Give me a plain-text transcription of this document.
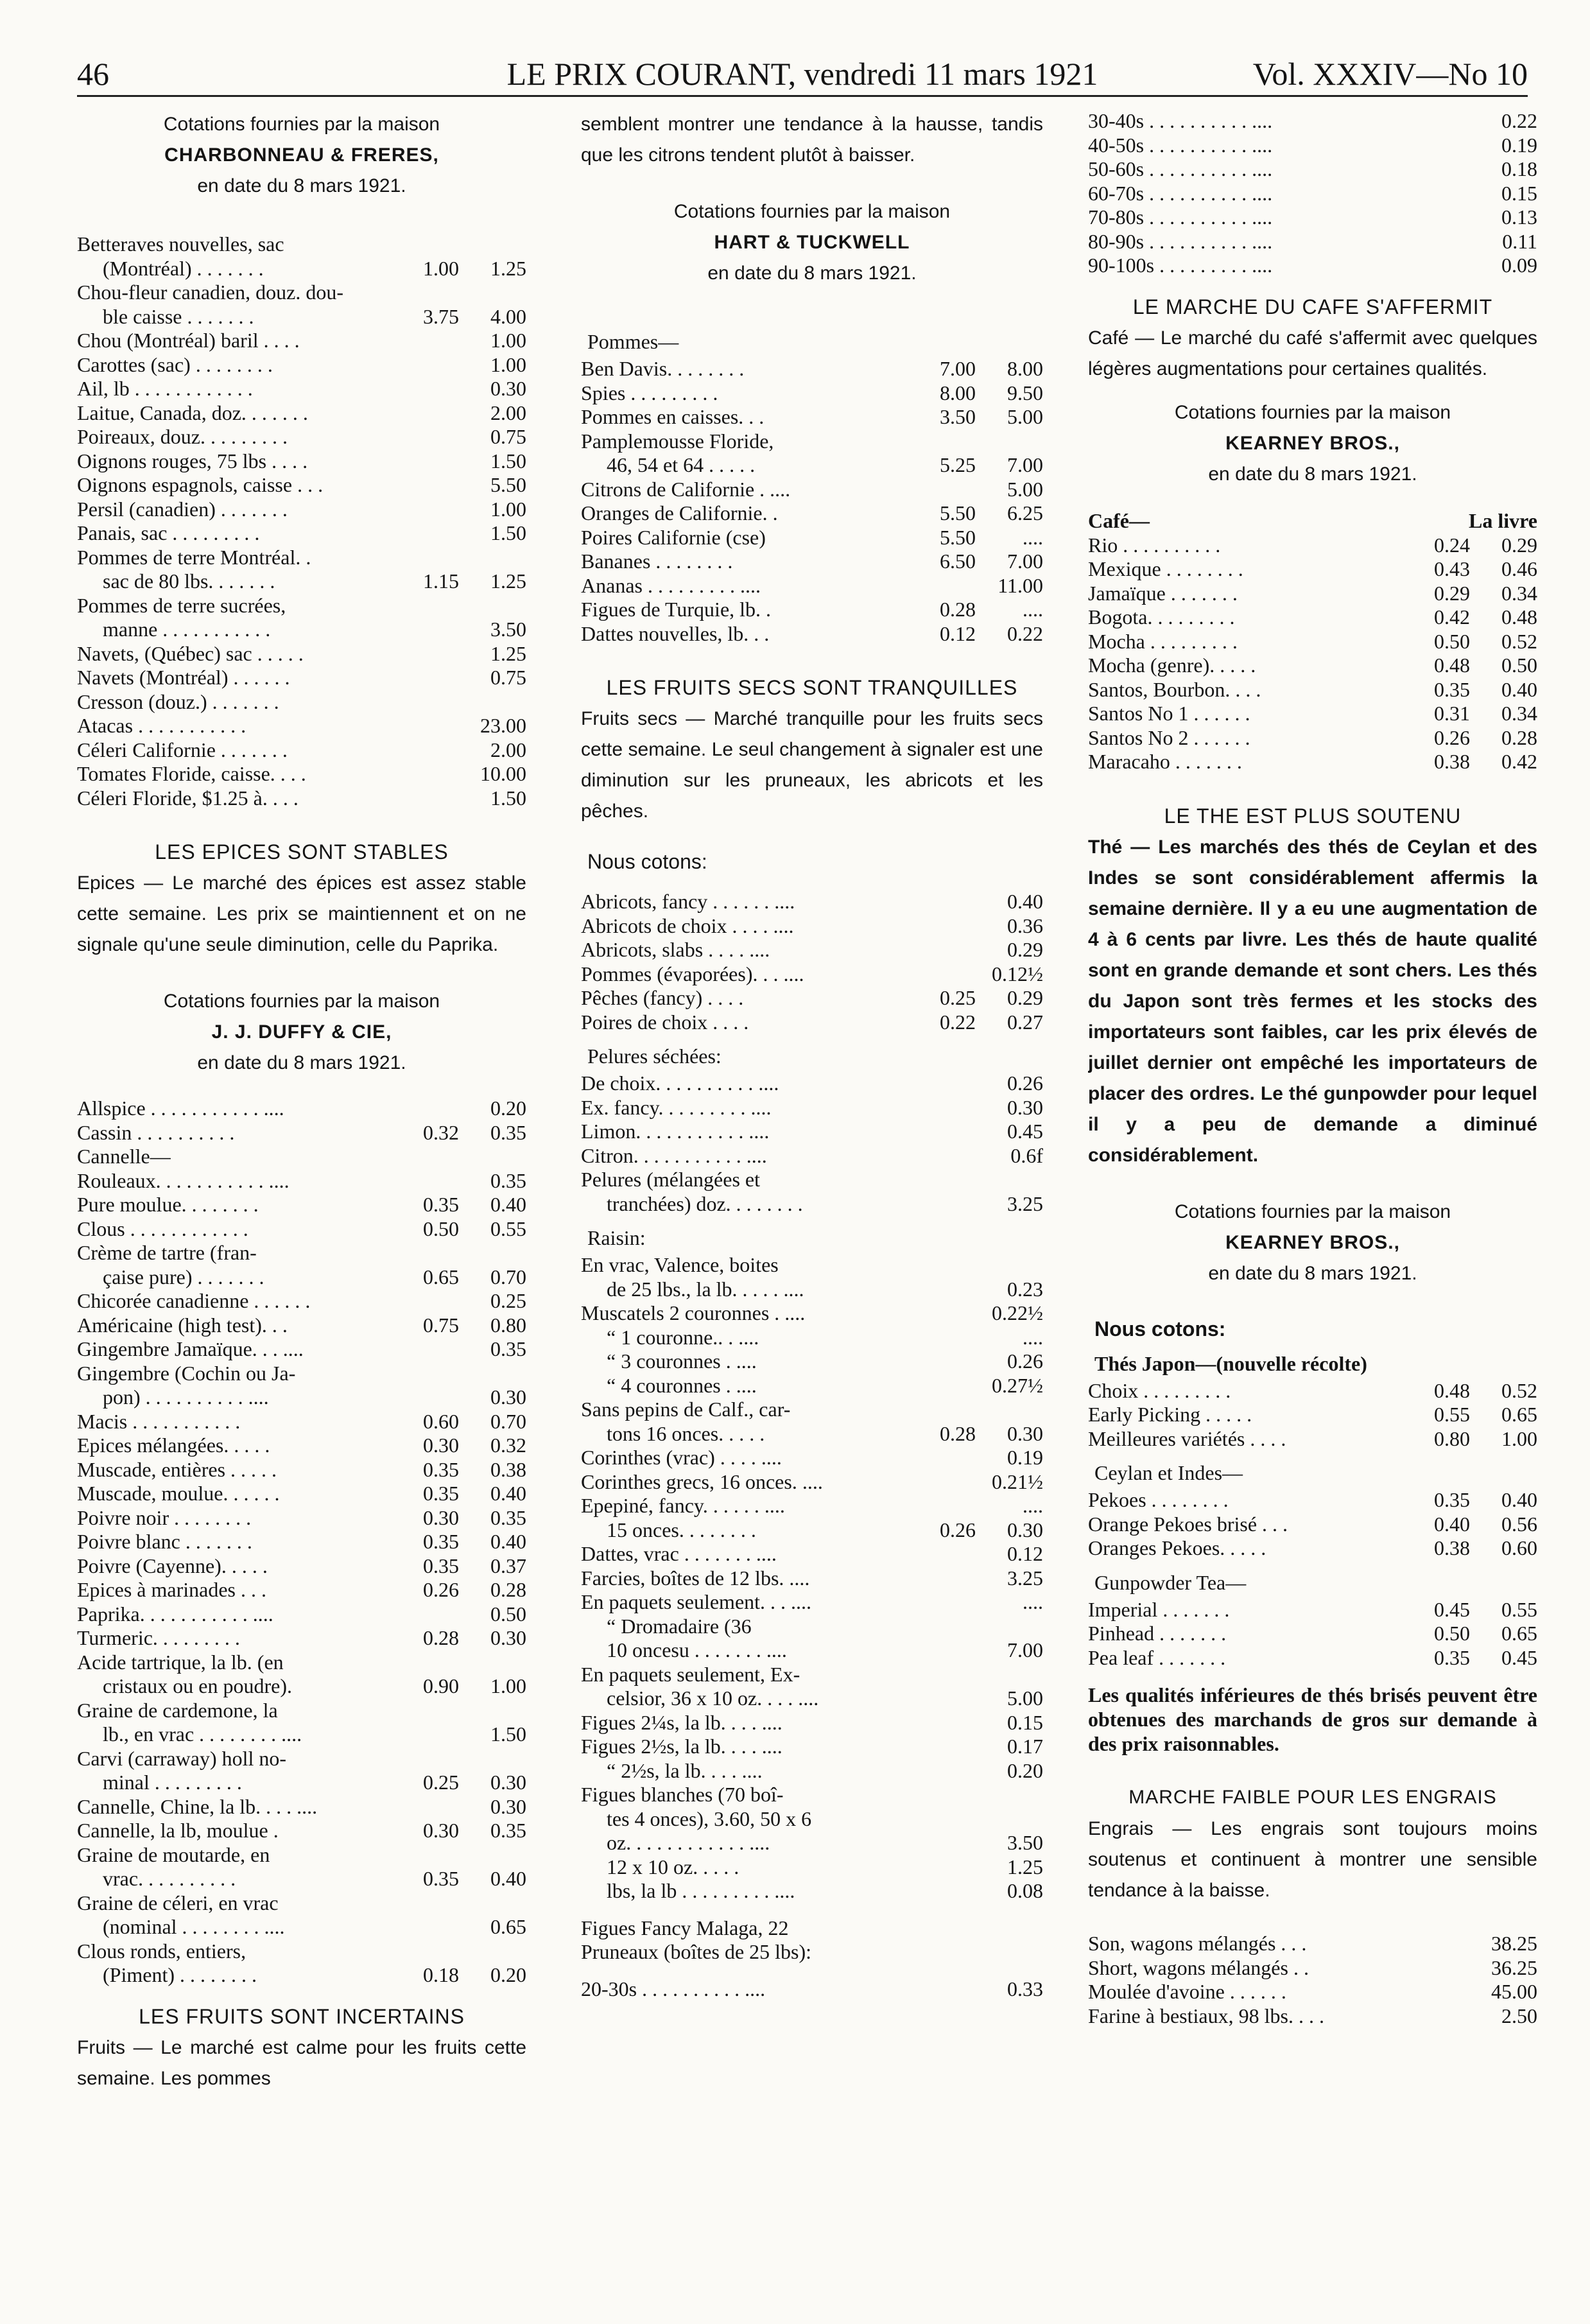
46	LE PRIX COURANT, vendredi 11 mars 1921	Vol. XXXIV—No 10
Cotations fournies par la maison
CHARBONNEAU & FRERES,
en date du 8 mars 1921.
Betteraves nouvelles, sac
(Montréal) . . . . . . .	1.00	1.25
Chou-fleur canadien, douz. dou-
ble caisse . . . . . . .	3.75	4.00
Chou (Montréal) baril . . . .	1.00
Carottes (sac) . . . . . . . .	1.00
Ail, lb . . . . . . . . . . . .	0.30
Laitue, Canada, doz. . . . . . .	2.00
Poireaux, douz. . . . . . . . .	0.75
Oignons rouges, 75 lbs . . . .	1.50
Oignons espagnols, caisse . . .	5.50
Persil (canadien) . . . . . . .	1.00
Panais, sac . . . . . . . . .	1.50
Pommes de terre Montréal. .
sac de 80 lbs. . . . . . .	1.15	1.25
Pommes de terre sucrées,
manne . . . . . . . . . . .	3.50
Navets, (Québec) sac . . . . .	1.25
Navets (Montréal) . . . . . .	0.75
Cresson (douz.) . . . . . . .
Atacas . . . . . . . . . . .	23.00
Céleri Californie . . . . . . .	2.00
Tomates Floride, caisse. . . .	10.00
Céleri Floride, $1.25 à. . . .	1.50

LES EPICES SONT STABLES

Epices — Le marché des épices est assez stable cette semaine. Les prix se maintiennent et on ne signale qu'une seule diminution, celle du Paprika.

Cotations fournies par la maison
J. J. DUFFY & CIE,
en date du 8 mars 1921.
Allspice . . . . . . . . . . . ....	0.20
Cassin . . . . . . . . . .	0.32	0.35
Cannelle—
Rouleaux. . . . . . . . . . . ....	0.35
Pure moulue. . . . . . . .	0.35	0.40
Clous . . . . . . . . . . . .	0.50	0.55
Crème de tartre (fran-
çaise pure) . . . . . . .	0.65	0.70
Chicorée canadienne . . . . . .	0.25
Américaine (high test). . .	0.75	0.80
Gingembre Jamaïque. . . ....	0.35
Gingembre (Cochin ou Ja-
pon) . . . . . . . . . . ....	0.30
Macis . . . . . . . . . . .	0.60	0.70
Epices mélangées. . . . .	0.30	0.32
Muscade, entières . . . . .	0.35	0.38
Muscade, moulue. . . . . .	0.35	0.40
Poivre noir . . . . . . . .	0.30	0.35
Poivre blanc . . . . . . .	0.35	0.40
Poivre (Cayenne). . . . .	0.35	0.37
Epices à marinades . . .	0.26	0.28
Paprika. . . . . . . . . . . ....	0.50
Turmeric. . . . . . . . .	0.28	0.30
Acide tartrique, la lb. (en
cristaux ou en poudre).	0.90	1.00
Graine de cardemone, la
lb., en vrac . . . . . . . . ....	1.50
Carvi (carraway) holl no-
minal . . . . . . . . .	0.25	0.30
Cannelle, Chine, la lb. . . . ....	0.30
Cannelle, la lb, moulue .	0.30	0.35
Graine de moutarde, en
vrac. . . . . . . . . .	0.35	0.40
Graine de céleri, en vrac
(nominal . . . . . . . . ....	0.65
Clous ronds, entiers,
(Piment) . . . . . . . .	0.18	0.20

LES FRUITS SONT INCERTAINS

Fruits — Le marché est calme pour les fruits cette semaine. Les pommes

semblent montrer une tendance à la hausse, tandis que les citrons tendent plutôt à baisser.

Cotations fournies par la maison
HART & TUCKWELL
en date du 8 mars 1921.
Pommes—
Ben Davis. . . . . . . .	7.00	8.00
Spies . . . . . . . . .	8.00	9.50
Pommes en caisses. . .	3.50	5.00
Pamplemousse Floride,
46, 54 et 64 . . . . .	5.25	7.00
Citrons de Californie . ....	5.00
Oranges de Californie. .	5.50	6.25
Poires Californie (cse)	5.50	....
Bananes . . . . . . . .	6.50	7.00
Ananas . . . . . . . . . ....	11.00
Figues de Turquie, lb. .	0.28	....
Dattes nouvelles, lb. . .	0.12	0.22

LES FRUITS SECS SONT TRANQUILLES

Fruits secs — Marché tranquille pour les fruits secs cette semaine. Le seul changement à signaler est une diminution sur les pruneaux, les abricots et les pêches.

Nous cotons:
Abricots, fancy . . . . . . ....	0.40
Abricots de choix . . . . ....	0.36
Abricots, slabs . . . . ....	0.29
Pommes (évaporées). . . ....	0.12½
Pêches (fancy) . . . .	0.25	0.29
Poires de choix . . . .	0.22	0.27
Pelures séchées:
De choix. . . . . . . . . . ....	0.26
Ex. fancy. . . . . . . . . ....	0.30
Limon. . . . . . . . . . . ....	0.45
Citron. . . . . . . . . . . ....	0.6f
Pelures (mélangées et
tranchées) doz. . . . . . . .	3.25
Raisin:
En vrac, Valence, boites
de 25 lbs., la lb. . . . . ....	0.23
Muscatels 2 couronnes . ....	0.22½
“ 1 couronne.. . ....	....
“ 3 couronnes . ....	0.26
“ 4 couronnes . ....	0.27½
Sans pepins de Calf., car-
tons 16 onces. . . . .	0.28	0.30
Corinthes (vrac) . . . . ....	0.19
Corinthes grecs, 16 onces. ....	0.21½
Epepiné, fancy. . . . . . ....	....
15 onces. . . . . . . .	0.26	0.30
Dattes, vrac . . . . . . . ....	0.12
Farcies, boîtes de 12 lbs. ....	3.25
En paquets seulement. . . ....	....
“ Dromadaire (36
10 oncesu . . . . . . . ....	7.00
En paquets seulement, Ex-
celsior, 36 x 10 oz. . . . ....	5.00
Figues 2¼s, la lb. . . . ....	0.15
Figues 2½s, la lb. . . . ....	0.17
“ 2½s, la lb. . . . ....	0.20
Figues blanches (70 boî-
tes 4 onces), 3.60, 50 x 6
oz. . . . . . . . . . . . ....	3.50
12 x 10 oz. . . . .	1.25
lbs, la lb . . . . . . . . . ....	0.08
Figues Fancy Malaga, 22
Pruneaux (boîtes de 25 lbs):
20-30s . . . . . . . . . . ....	0.33
30-40s . . . . . . . . . . ....	0.22
40-50s . . . . . . . . . . ....	0.19
50-60s . . . . . . . . . . ....	0.18
60-70s . . . . . . . . . . ....	0.15
70-80s . . . . . . . . . . ....	0.13
80-90s . . . . . . . . . . ....	0.11
90-100s . . . . . . . . . ....	0.09

LE MARCHE DU CAFE S'AFFERMIT

Café — Le marché du café s'affermit avec quelques légères augmentations pour certaines qualités.

Cotations fournies par la maison
KEARNEY BROS.,
en date du 8 mars 1921.
Café—	La livre
Rio . . . . . . . . . .	0.24	0.29
Mexique . . . . . . . .	0.43	0.46
Jamaïque . . . . . . .	0.29	0.34
Bogota. . . . . . . . .	0.42	0.48
Mocha . . . . . . . . .	0.50	0.52
Mocha (genre). . . . .	0.48	0.50
Santos, Bourbon. . . .	0.35	0.40
Santos No 1 . . . . . .	0.31	0.34
Santos No 2 . . . . . .	0.26	0.28
Maracaho . . . . . . .	0.38	0.42

LE THE EST PLUS SOUTENU

Thé — Les marchés des thés de Ceylan et des Indes se sont considérablement affermis la semaine dernière. Il y a eu une augmentation de 4 à 6 cents par livre. Les thés de haute qualité sont en grande demande et sont chers. Les thés du Japon sont très fermes et les stocks des importateurs sont faibles, car les prix élevés de juillet dernier ont empêché les importateurs de placer des ordres. Le thé gunpowder pour lequel il y a peu de demande a diminué considérablement.

Cotations fournies par la maison
KEARNEY BROS.,
en date du 8 mars 1921.
Nous cotons:
Thés Japon—(nouvelle récolte)
Choix . . . . . . . . .	0.48	0.52
Early Picking . . . . .	0.55	0.65
Meilleures variétés . . . .	0.80	1.00
Ceylan et Indes—
Pekoes . . . . . . . .	0.35	0.40
Orange Pekoes brisé . . .	0.40	0.56
Oranges Pekoes. . . . .	0.38	0.60
Gunpowder Tea—
Imperial . . . . . . .	0.45	0.55
Pinhead . . . . . . .	0.50	0.65
Pea leaf . . . . . . .	0.35	0.45

Les qualités inférieures de thés brisés peuvent être obtenues des marchands de gros sur demande à des prix raisonnables.

MARCHE FAIBLE POUR LES ENGRAIS

Engrais — Les engrais sont toujours moins soutenus et continuent à montrer une sensible tendance à la baisse.

Son, wagons mélangés . . .	38.25
Short, wagons mélangés . .	36.25
Moulée d'avoine . . . . . .	45.00
Farine à bestiaux, 98 lbs. . . .	2.50
